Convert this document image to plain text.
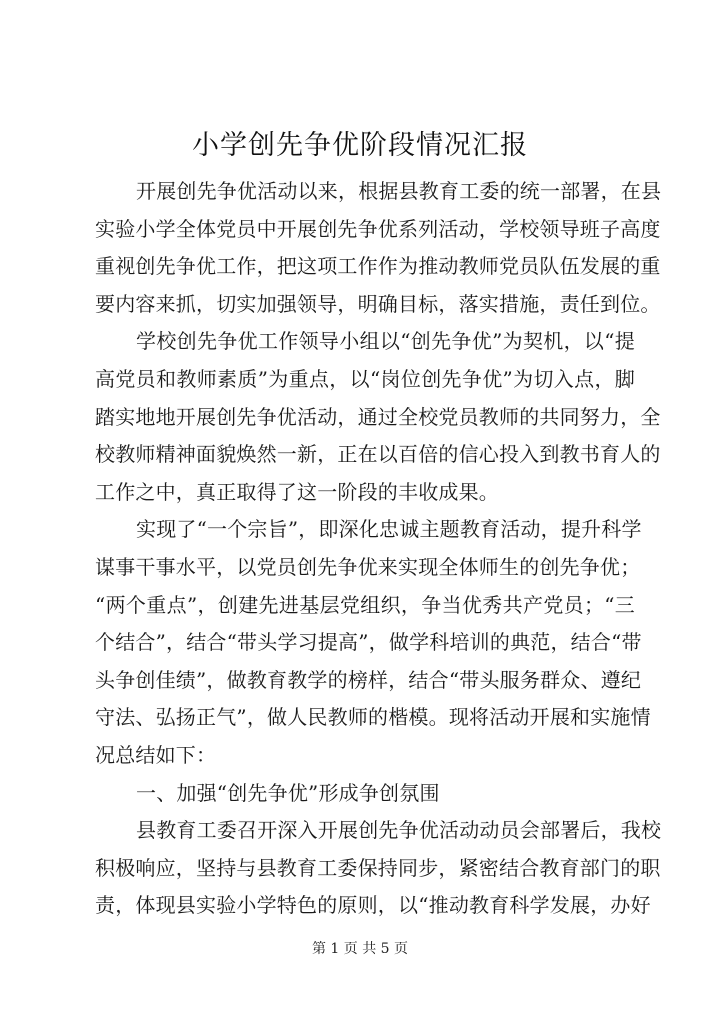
小学创先争优阶段情况汇报
开展创先争优活动以来，根据县教育工委的统一部署，在县
实验小学全体党员中开展创先争优系列活动，学校领导班子高度
重视创先争优工作，把这项工作作为推动教师党员队伍发展的重
要内容来抓，切实加强领导，明确目标，落实措施，责任到位。
学校创先争优工作领导小组以“创先争优”为契机，以“提
高党员和教师素质”为重点，以“岗位创先争优”为切入点，脚
踏实地地开展创先争优活动，通过全校党员教师的共同努力，全
校教师精神面貌焕然一新，正在以百倍的信心投入到教书育人的
工作之中，真正取得了这一阶段的丰收成果。
实现了“一个宗旨”，即深化忠诚主题教育活动，提升科学
谋事干事水平，以党员创先争优来实现全体师生的创先争优；
“两个重点”，创建先进基层党组织，争当优秀共产党员；“三
个结合”，结合“带头学习提高”，做学科培训的典范，结合“带
头争创佳绩”，做教育教学的榜样，结合“带头服务群众、遵纪
守法、弘扬正气”，做人民教师的楷模。现将活动开展和实施情
况总结如下：
一、加强“创先争优”形成争创氛围
县教育工委召开深入开展创先争优活动动员会部署后，我校
积极响应，坚持与县教育工委保持同步，紧密结合教育部门的职
责，体现县实验小学特色的原则，以“推动教育科学发展，办好
第 1 页 共 5 页
